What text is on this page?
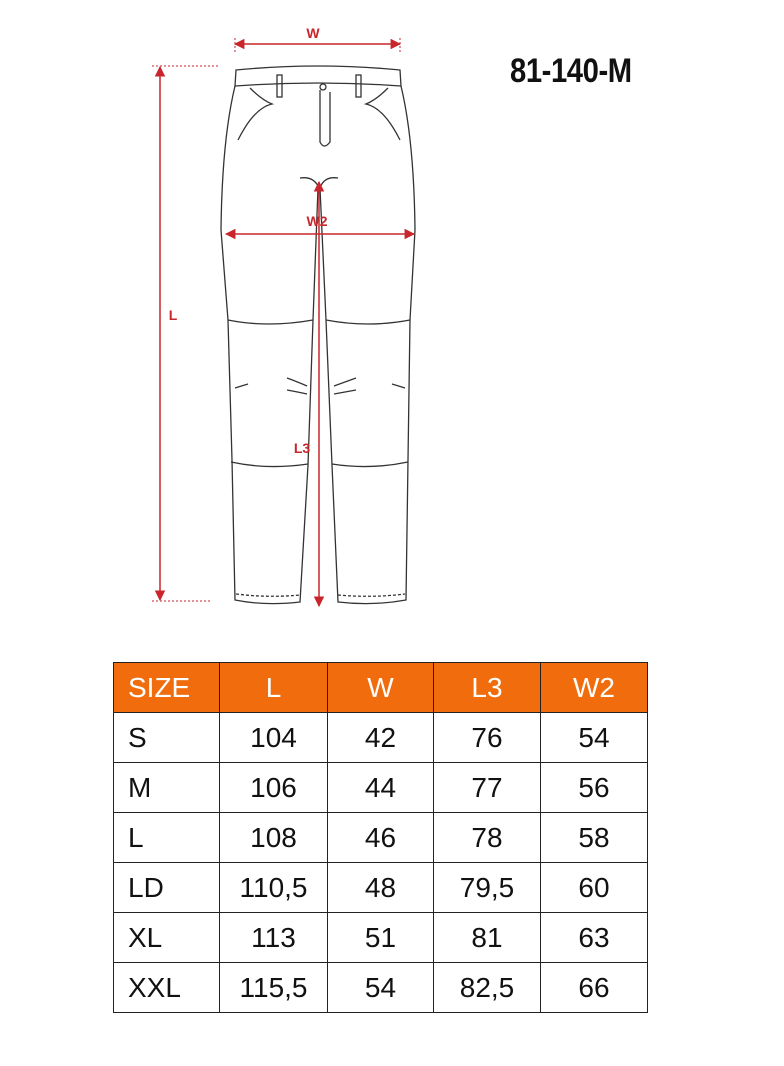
81-140-M
W
W2
L
L3
SIZE	L	W	L3	W2
S	104	42	76	54
M	106	44	77	56
L	108	46	78	58
LD	110,5	48	79,5	60
XL	113	51	81	63
XXL	115,5	54	82,5	66
